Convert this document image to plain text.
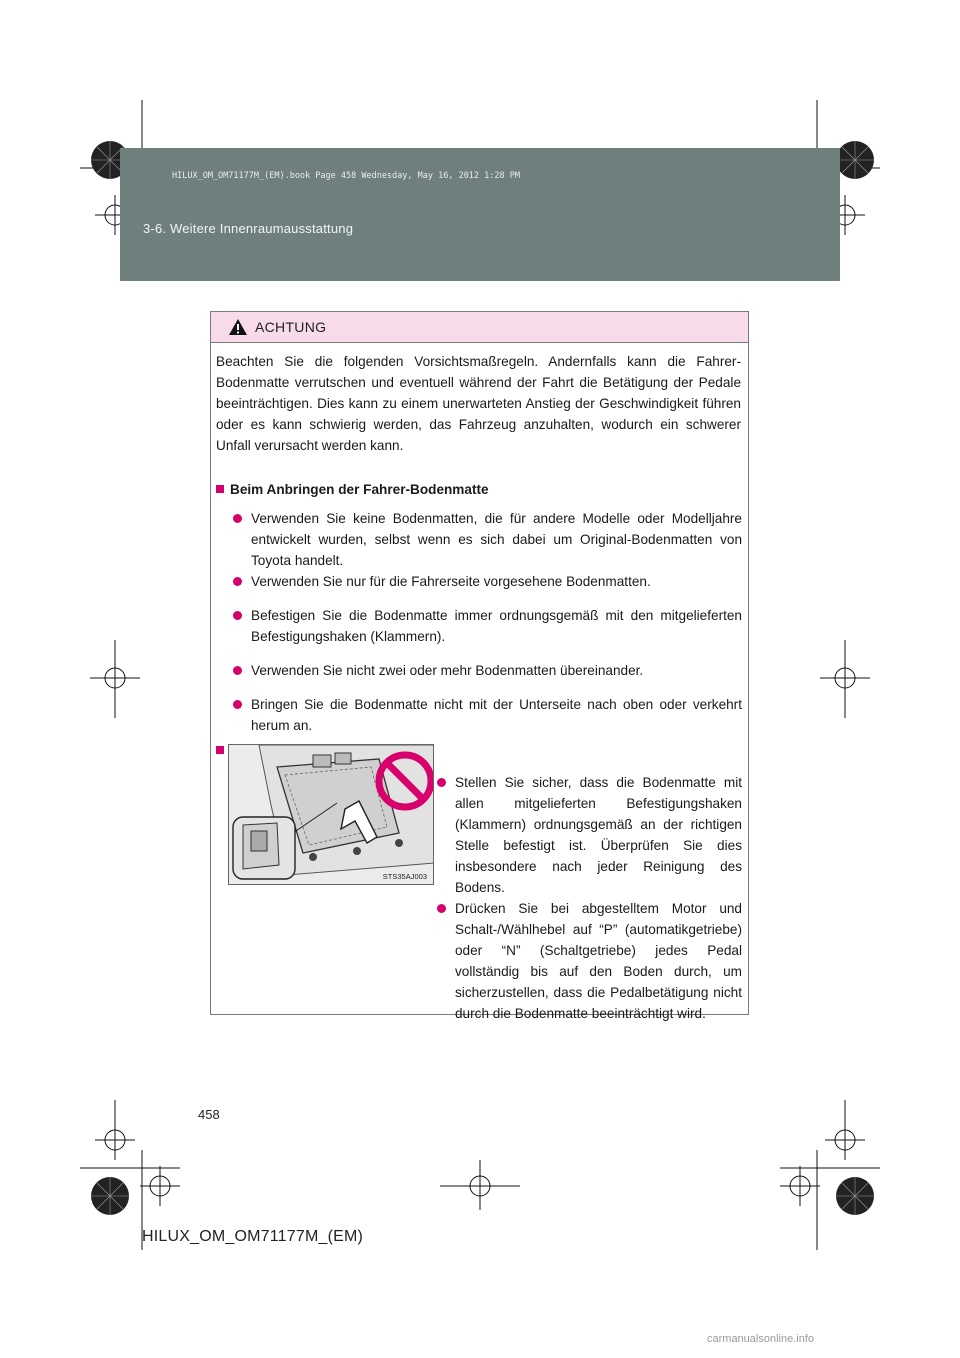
HILUX_OM_OM71177M_(EM).book Page 458 Wednesday, May 16, 2012 1:28 PM
3-6. Weitere Innenraumausstattung
ACHTUNG
Beachten Sie die folgenden Vorsichtsmaßregeln. Andernfalls kann die Fahrer-Bodenmatte verrutschen und eventuell während der Fahrt die Betätigung der Pedale beeinträchtigen. Dies kann zu einem unerwarteten Anstieg der Geschwindigkeit führen oder es kann schwierig werden, das Fahrzeug anzuhalten, wodurch ein schwerer Unfall verursacht werden kann.
Beim Anbringen der Fahrer-Bodenmatte
Verwenden Sie keine Bodenmatten, die für andere Modelle oder Modelljahre entwickelt wurden, selbst wenn es sich dabei um Original-Bodenmatten von Toyota handelt.
Verwenden Sie nur für die Fahrerseite vorgesehene Bodenmatten.
Befestigen Sie die Bodenmatte immer ordnungsgemäß mit den mitgelieferten Befestigungshaken (Klammern).
Verwenden Sie nicht zwei oder mehr Bodenmatten übereinander.
Bringen Sie die Bodenmatte nicht mit der Unterseite nach oben oder verkehrt herum an.
STS35AJ003
Stellen Sie sicher, dass die Bodenmatte mit allen mitgelieferten Befestigungshaken (Klammern) ordnungsgemäß an der richtigen Stelle befestigt ist. Überprüfen Sie dies insbesondere nach jeder Reinigung des Bodens.
Drücken Sie bei abgestelltem Motor und Schalt-/Wählhebel auf “P” (automatikgetriebe) oder “N” (Schaltgetriebe) jedes Pedal vollständig bis auf den Boden durch, um sicherzustellen, dass die Pedalbetätigung nicht durch die Bodenmatte beeinträchtigt wird.
458
HILUX_OM_OM71177M_(EM)
carmanualsonline.info
